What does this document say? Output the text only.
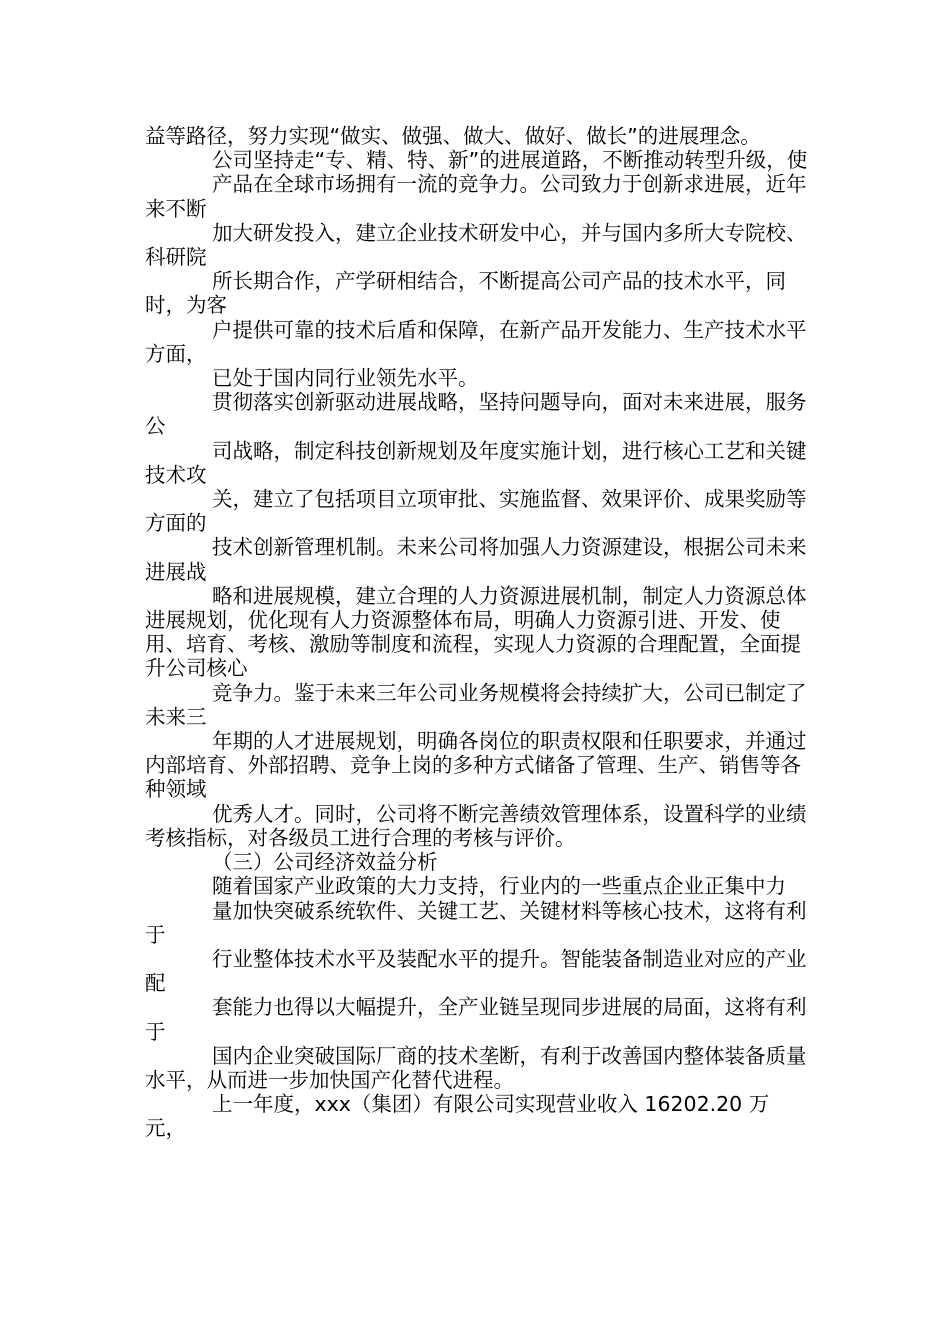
益等路径，努力实现“做实、做强、做大、做好、做长”的进展理念。

公司坚持走“专、精、特、新”的进展道路，不断推动转型升级，使

产品在全球市场拥有一流的竞争力。公司致力于创新求进展，近年来不断

加大研发投入，建立企业技术研发中心，并与国内多所大专院校、科研院

所长期合作，产学研相结合，不断提高公司产品的技术水平，同时，为客

户提供可靠的技术后盾和保障，在新产品开发能力、生产技术水平方面，

已处于国内同行业领先水平。

贯彻落实创新驱动进展战略，坚持问题导向，面对未来进展，服务公

司战略，制定科技创新规划及年度实施计划，进行核心工艺和关键技术攻

关，建立了包括项目立项审批、实施监督、效果评价、成果奖励等方面的

技术创新管理机制。未来公司将加强人力资源建设，根据公司未来进展战

略和进展规模，建立合理的人力资源进展机制，制定人力资源总体进展规划，优化现有人力资源整体布局，明确人力资源引进、开发、使用、培育、考核、激励等制度和流程，实现人力资源的合理配置，全面提升公司核心

竞争力。鉴于未来三年公司业务规模将会持续扩大，公司已制定了未来三

年期的人才进展规划，明确各岗位的职责权限和任职要求，并通过内部培育、外部招聘、竞争上岗的多种方式储备了管理、生产、销售等各种领域

优秀人才。同时，公司将不断完善绩效管理体系，设置科学的业绩考核指标，对各级员工进行合理的考核与评价。

（三）公司经济效益分析

随着国家产业政策的大力支持，行业内的一些重点企业正集中力

量加快突破系统软件、关键工艺、关键材料等核心技术，这将有利于

行业整体技术水平及装配水平的提升。智能装备制造业对应的产业配

套能力也得以大幅提升，全产业链呈现同步进展的局面，这将有利于

国内企业突破国际厂商的技术垄断，有利于改善国内整体装备质量水平，从而进一步加快国产化替代进程。

上一年度，xxx（集团）有限公司实现营业收入 16202.20 万元，
